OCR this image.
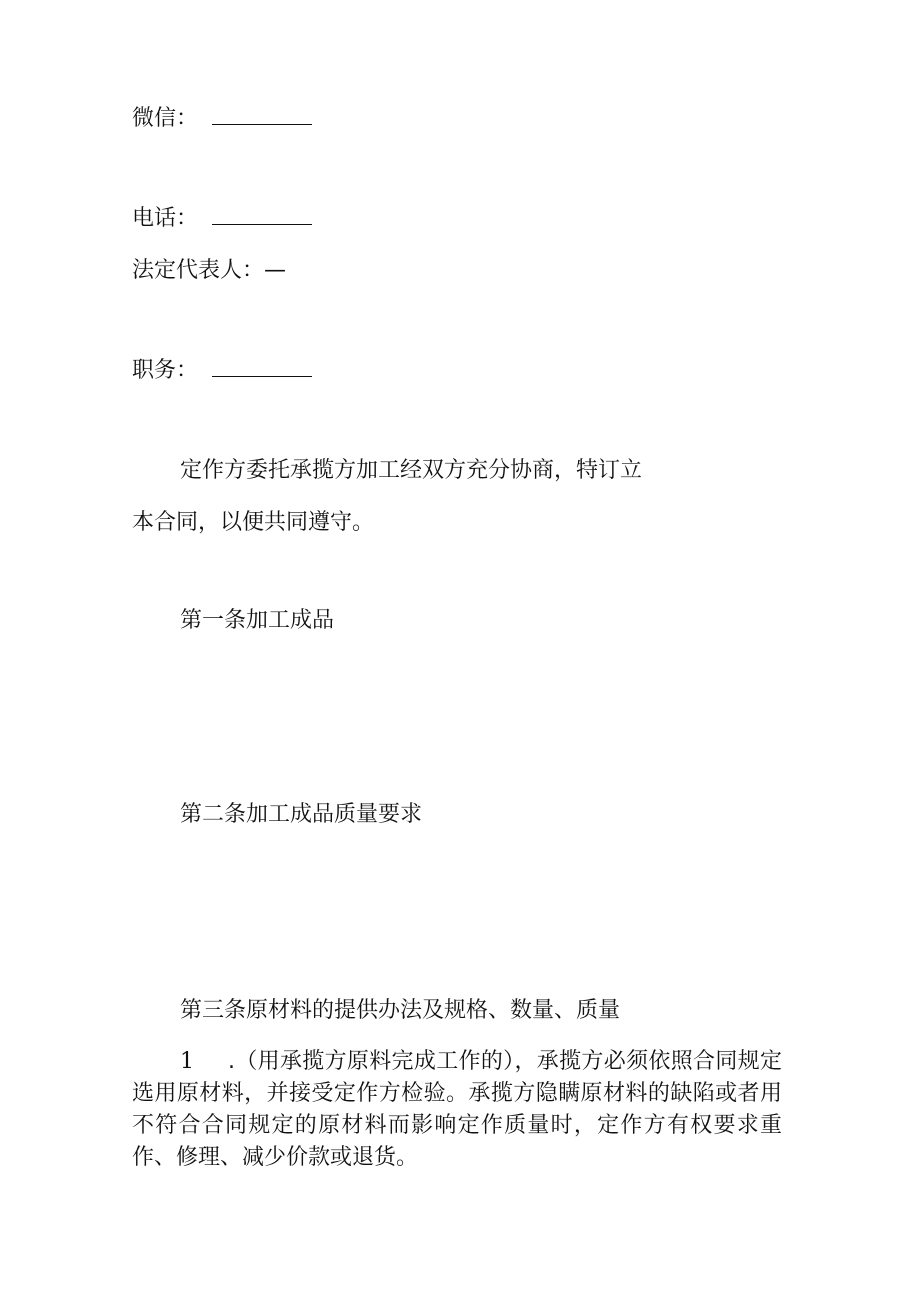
微信：
电话：
法定代表人：—
职务：
定作方委托承揽方加工经双方充分协商，特订立
本合同，以便共同遵守。
第一条加工成品
第二条加工成品质量要求
第三条原材料的提供办法及规格、数量、质量
1 .（用承揽方原料完成工作的），承揽方必须依照合同规定选用原材料，并接受定作方检验。承揽方隐瞒原材料的缺陷或者用不符合合同规定的原材料而影响定作质量时，定作方有权要求重作、修理、减少价款或退货。
